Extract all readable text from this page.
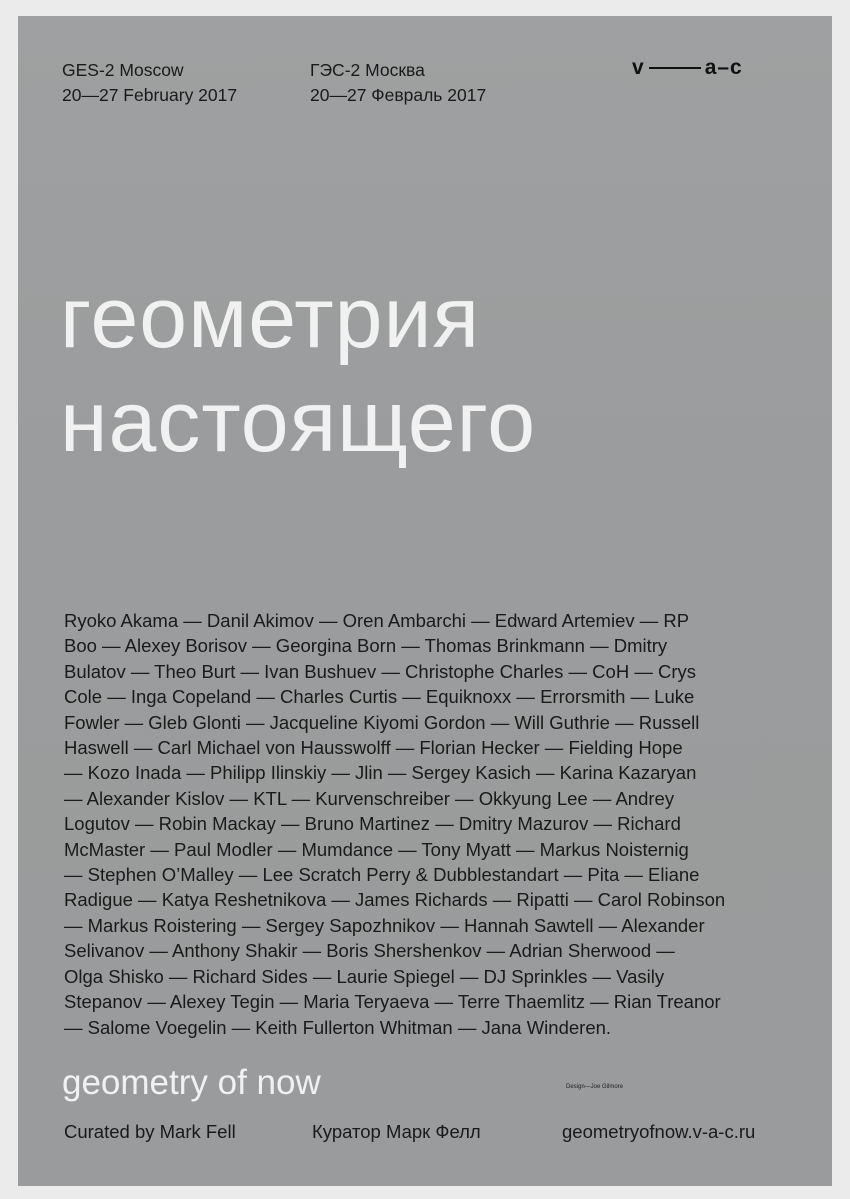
GES-2 Moscow
20—27 February 2017
ГЭС-2 Москва
20—27 Февраль 2017
v	a–c
геометрия
настоящего
Ryoko Akama — Danil Akimov — Oren Ambarchi — Edward Artemiev — RP
Boo — Alexey Borisov — Georgina Born — Thomas Brinkmann — Dmitry
Bulatov — Theo Burt — Ivan Bushuev — Christophe Charles — CoH — Crys
Cole — Inga Copeland — Charles Curtis — Equiknoxx — Errorsmith — Luke
Fowler — Gleb Glonti — Jacqueline Kiyomi Gordon — Will Guthrie — Russell
Haswell — Carl Michael von Hausswolff — Florian Hecker — Fielding Hope
— Kozo Inada — Philipp Ilinskiy — Jlin — Sergey Kasich — Karina Kazaryan
— Alexander Kislov — KTL — Kurvenschreiber — Okkyung Lee — Andrey
Logutov — Robin Mackay — Bruno Martinez — Dmitry Mazurov — Richard
McMaster — Paul Modler — Mumdance — Tony Myatt — Markus Noisternig
— Stephen O’Malley — Lee Scratch Perry & Dubblestandart — Pita — Eliane
Radigue — Katya Reshetnikova — James Richards — Ripatti — Carol Robinson
— Markus Roistering — Sergey Sapozhnikov — Hannah Sawtell — Alexander
Selivanov — Anthony Shakir — Boris Shershenkov — Adrian Sherwood —
Olga Shisko — Richard Sides — Laurie Spiegel — DJ Sprinkles — Vasily
Stepanov — Alexey Tegin — Maria Teryaeva — Terre Thaemlitz — Rian Treanor
— Salome Voegelin — Keith Fullerton Whitman — Jana Winderen.
geometry of now	Design—Joe Gilmore
Curated by Mark Fell	Куратор Марк Фелл	geometryofnow.v-a-c.ru
